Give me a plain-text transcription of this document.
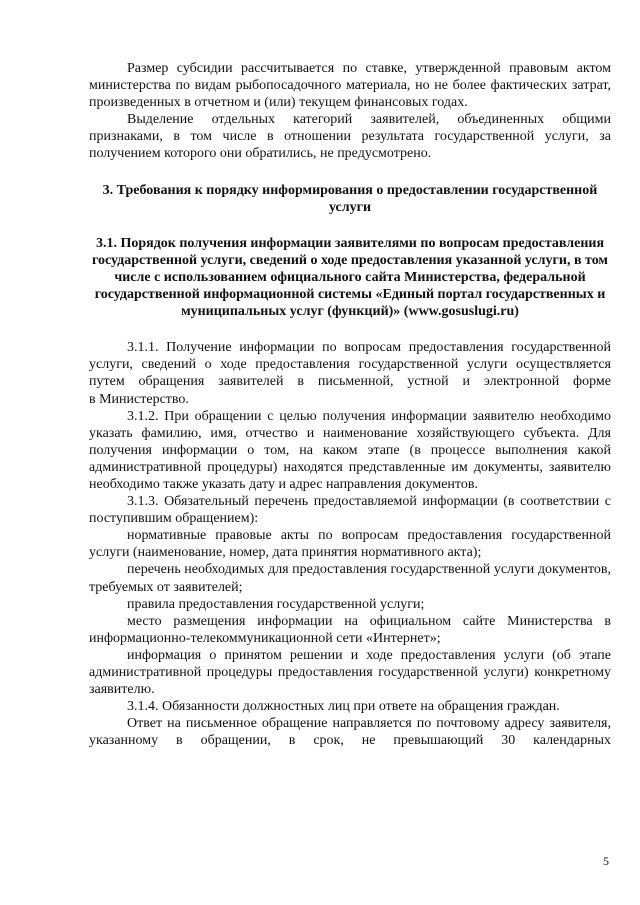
Размер субсидии рассчитывается по ставке, утвержденной правовым актом министерства по видам рыбопосадочного материала, но не более фактических затрат, произведенных в отчетном и (или) текущем финансовых годах.

Выделение отдельных категорий заявителей, объединенных общими признаками, в том числе в отношении результата государственной услуги, за получением которого они обратились, не предусмотрено.

3. Требования к порядку информирования о предоставлении государственной услуги

3.1. Порядок получения информации заявителями по вопросам предоставления государственной услуги, сведений о ходе предоставления указанной услуги, в том числе с использованием официального сайта Министерства, федеральной государственной информационной системы «Единый портал государственных и муниципальных услуг (функций)» (www.gosuslugi.ru)

3.1.1. Получение информации по вопросам предоставления государственной услуги, сведений о ходе предоставления государственной услуги осуществляется путем обращения заявителей в письменной, устной и электронной форме

в Министерство.

3.1.2. При обращении с целью получения информации заявителю необходимо указать фамилию, имя, отчество и наименование хозяйствующего субъекта. Для получения информации о том, на каком этапе (в процессе выполнения какой административной процедуры) находятся представленные им документы, заявителю необходимо также указать дату и адрес направления документов.

3.1.3. Обязательный перечень предоставляемой информации (в соответствии с поступившим обращением):

нормативные правовые акты по вопросам предоставления государственной услуги (наименование, номер, дата принятия нормативного акта);

перечень необходимых для предоставления государственной услуги документов, требуемых от заявителей;

правила предоставления государственной услуги;

место размещения информации на официальном сайте Министерства в информационно-телекоммуникационной сети «Интернет»;

информация о принятом решении и ходе предоставления услуги (об этапе административной процедуры предоставления государственной услуги) конкретному заявителю.

3.1.4. Обязанности должностных лиц при ответе на обращения граждан.

Ответ на письменное обращение направляется по почтовому адресу заявителя, указанному в обращении, в срок, не превышающий 30 календарных

5
